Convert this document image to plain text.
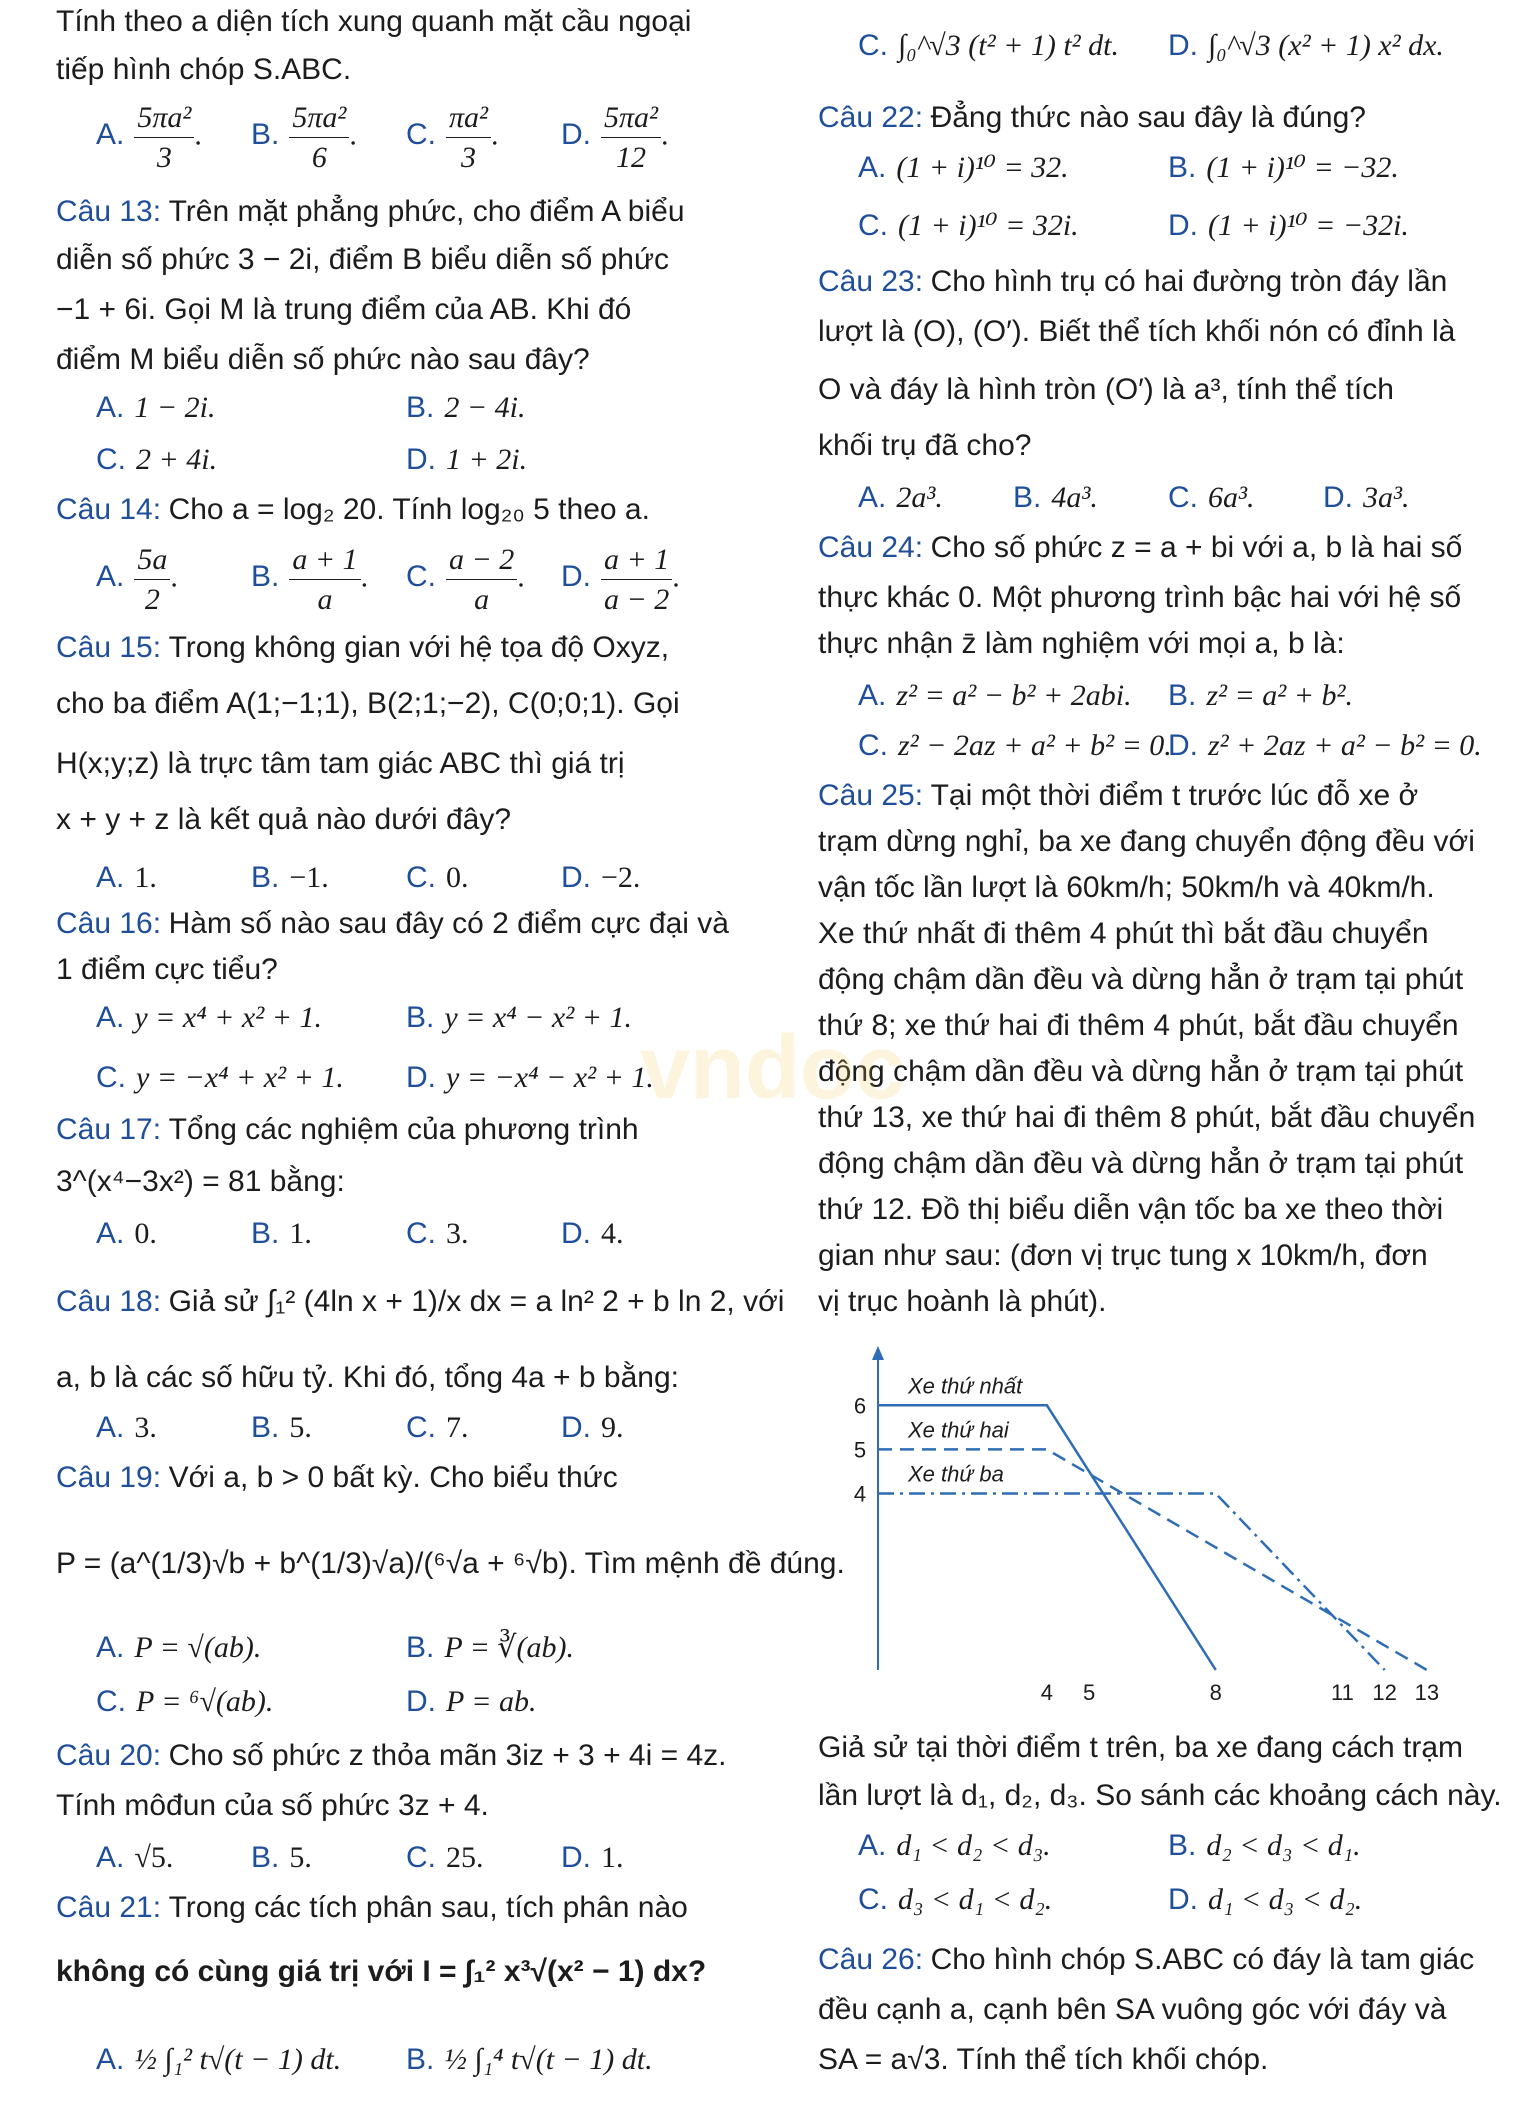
Tính theo a diện tích xung quanh mặt cầu ngoại
tiếp hình chóp S.ABC.
A. $\frac{\text{5πa²}}{3}$ . B. $\frac{\text{5πa²}}{6}$ . C. $\frac{\text{πa²}}{3}$ . D. $\frac{\text{5πa²}}{12}$ .
Câu 13: Trên mặt phẳng phức, cho điểm A biểu
diễn số phức 3 − 2i, điểm B biểu diễn số phức
−1 + 6i. Gọi M là trung điểm của AB. Khi đó
điểm M biểu diễn số phức nào sau đây?
A. 1 − 2i.	B. 2 − 4i.
C. 2 + 4i.	D. 1 + 2i.
Câu 14: Cho a = log₂ 20. Tính log₂₀ 5 theo a.
A. $\frac{5a}{2}$ . B. $\frac{a + 1}{a}$ . C. $\frac{a - 2}{a}$ . D. $\frac{a + 1}{a - 2}$ .
Câu 15: Trong không gian với hệ tọa độ Oxyz,
cho ba điểm A(1;−1;1), B(2;1;−2), C(0;0;1). Gọi
H(x;y;z) là trực tâm tam giác ABC thì giá trị
x + y + z là kết quả nào dưới đây?
A. 1.	B. −1.	C. 0.	D. −2.
Câu 16: Hàm số nào sau đây có 2 điểm cực đại và
1 điểm cực tiểu?
A. y = x⁴ + x² + 1.	B. y = x⁴ − x² + 1.
C. y = −x⁴ + x² + 1. D. y = −x⁴ − x² + 1.
Câu 17: Tổng các nghiệm của phương trình
3^(x⁴−3x²) = 81 bằng:
A. 0.	B. 1.	C. 3.	D. 4.
Câu 18: Giả sử ∫₁² (4ln x + 1)/x dx = a ln² 2 + b ln 2, với
a, b là các số hữu tỷ. Khi đó, tổng 4a + b bằng:
A. 3.	B. 5.	C. 7.	D. 9.
Câu 19: Với a, b > 0 bất kỳ. Cho biểu thức
P = (a^(1/3)√b + b^(1/3)√a)/(⁶√a + ⁶√b). Tìm mệnh đề đúng.
A. P = √(ab).	B. P = ∛(ab).
C. P = ⁶√(ab).	D. P = ab.
Câu 20: Cho số phức z thỏa mãn 3iz + 3 + 4i = 4z.
Tính môđun của số phức 3z + 4.
A. √5.	B. 5.	C. 25.	D. 1.
Câu 21: Trong các tích phân sau, tích phân nào
không có cùng giá trị với I = ∫₁² x³√(x² − 1) dx?
A. ½ ∫₁² t√(t − 1) dt. B. ½ ∫₁⁴ t√(t − 1) dt.
C. ∫₀^√3 (t² + 1) t² dt. D. ∫₀^√3 (x² + 1) x² dx.
Câu 22: Đẳng thức nào sau đây là đúng?
A. (1 + i)¹⁰ = 32.	B. (1 + i)¹⁰ = −32.
C. (1 + i)¹⁰ = 32i.	D. (1 + i)¹⁰ = −32i.
Câu 23: Cho hình trụ có hai đường tròn đáy lần
lượt là (O), (O′). Biết thể tích khối nón có đỉnh là
O và đáy là hình tròn (O′) là a³, tính thể tích
khối trụ đã cho?
A. 2a³. B. 4a³. C. 6a³. D. 3a³.
Câu 24: Cho số phức z = a + bi với a, b là hai số
thực khác 0. Một phương trình bậc hai với hệ số
thực nhận z̄ làm nghiệm với mọi a, b là:
A. z² = a² − b² + 2abi. B. z² = a² + b².
C. z² − 2az + a² + b² = 0.
D. z² + 2az + a² − b² = 0.
Câu 25: Tại một thời điểm t trước lúc đỗ xe ở
trạm dừng nghỉ, ba xe đang chuyển động đều với
vận tốc lần lượt là 60km/h; 50km/h và 40km/h.
Xe thứ nhất đi thêm 4 phút thì bắt đầu chuyển
động chậm dần đều và dừng hẳn ở trạm tại phút
thứ 8; xe thứ hai đi thêm 4 phút, bắt đầu chuyển
động chậm dần đều và dừng hẳn ở trạm tại phút
thứ 13, xe thứ hai đi thêm 8 phút, bắt đầu chuyển
động chậm dần đều và dừng hẳn ở trạm tại phút
thứ 12. Đồ thị biểu diễn vận tốc ba xe theo thời
gian như sau: (đơn vị trục tung x 10km/h, đơn
vị trục hoành là phút).
4
5
6
4 5	8	11 12 13
Xe thứ nhất
Xe thứ hai
Xe thứ ba
Giả sử tại thời điểm t trên, ba xe đang cách trạm
lần lượt là d₁, d₂, d₃. So sánh các khoảng cách này.
A. d₁ < d₂ < d₃.	B. d₂ < d₃ < d₁.
C. d₃ < d₁ < d₂.	D. d₁ < d₃ < d₂.
Câu 26: Cho hình chóp S.ABC có đáy là tam giác
đều cạnh a, cạnh bên SA vuông góc với đáy và
SA = a√3. Tính thể tích khối chóp.
vndoc
